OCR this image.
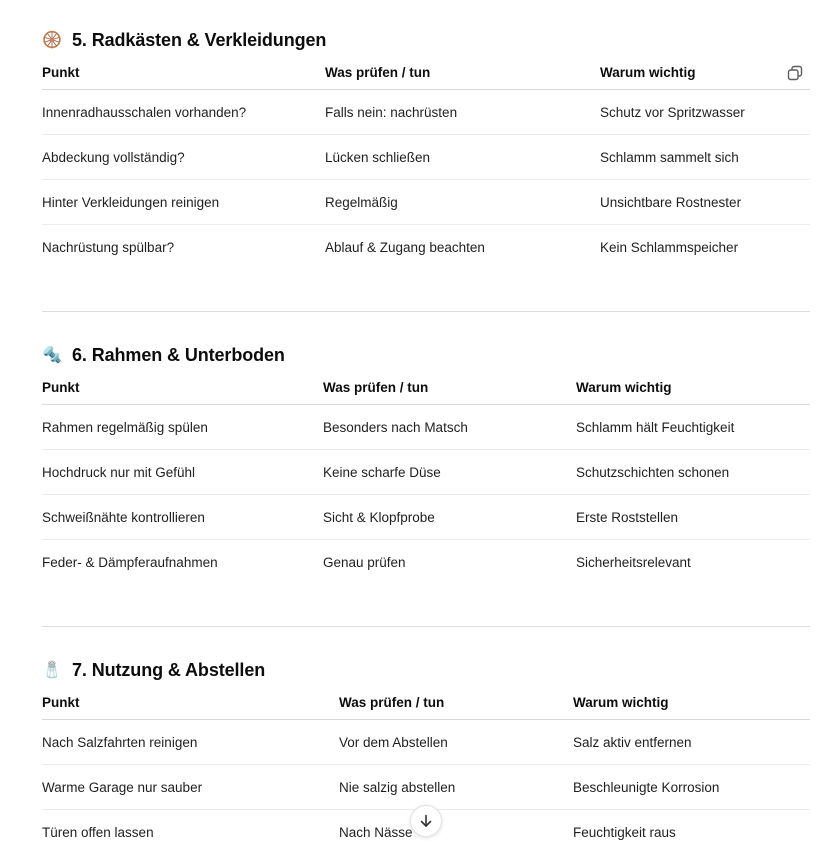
🛞 5. Radkästen & Verkleidungen
Punkt	Was prüfen / tun	Warum wichtig
Innenradhausschalen vorhanden?	Falls nein: nachrüsten	Schutz vor Spritzwasser
Abdeckung vollständig?	Lücken schließen	Schlamm sammelt sich
Hinter Verkleidungen reinigen	Regelmäßig	Unsichtbare Rostnester
Nachrüstung spülbar?	Ablauf & Zugang beachten	Kein Schlammspeicher
🔩 6. Rahmen & Unterboden
Punkt	Was prüfen / tun	Warum wichtig
Rahmen regelmäßig spülen	Besonders nach Matsch	Schlamm hält Feuchtigkeit
Hochdruck nur mit Gefühl	Keine scharfe Düse	Schutzschichten schonen
Schweißnähte kontrollieren	Sicht & Klopfprobe	Erste Roststellen
Feder- & Dämpferaufnahmen	Genau prüfen	Sicherheitsrelevant
🧂 7. Nutzung & Abstellen
Punkt	Was prüfen / tun	Warum wichtig
Nach Salzfahrten reinigen	Vor dem Abstellen	Salz aktiv entfernen
Warme Garage nur sauber	Nie salzig abstellen	Beschleunigte Korrosion
Türen offen lassen	Nach Nässe	Feuchtigkeit raus
